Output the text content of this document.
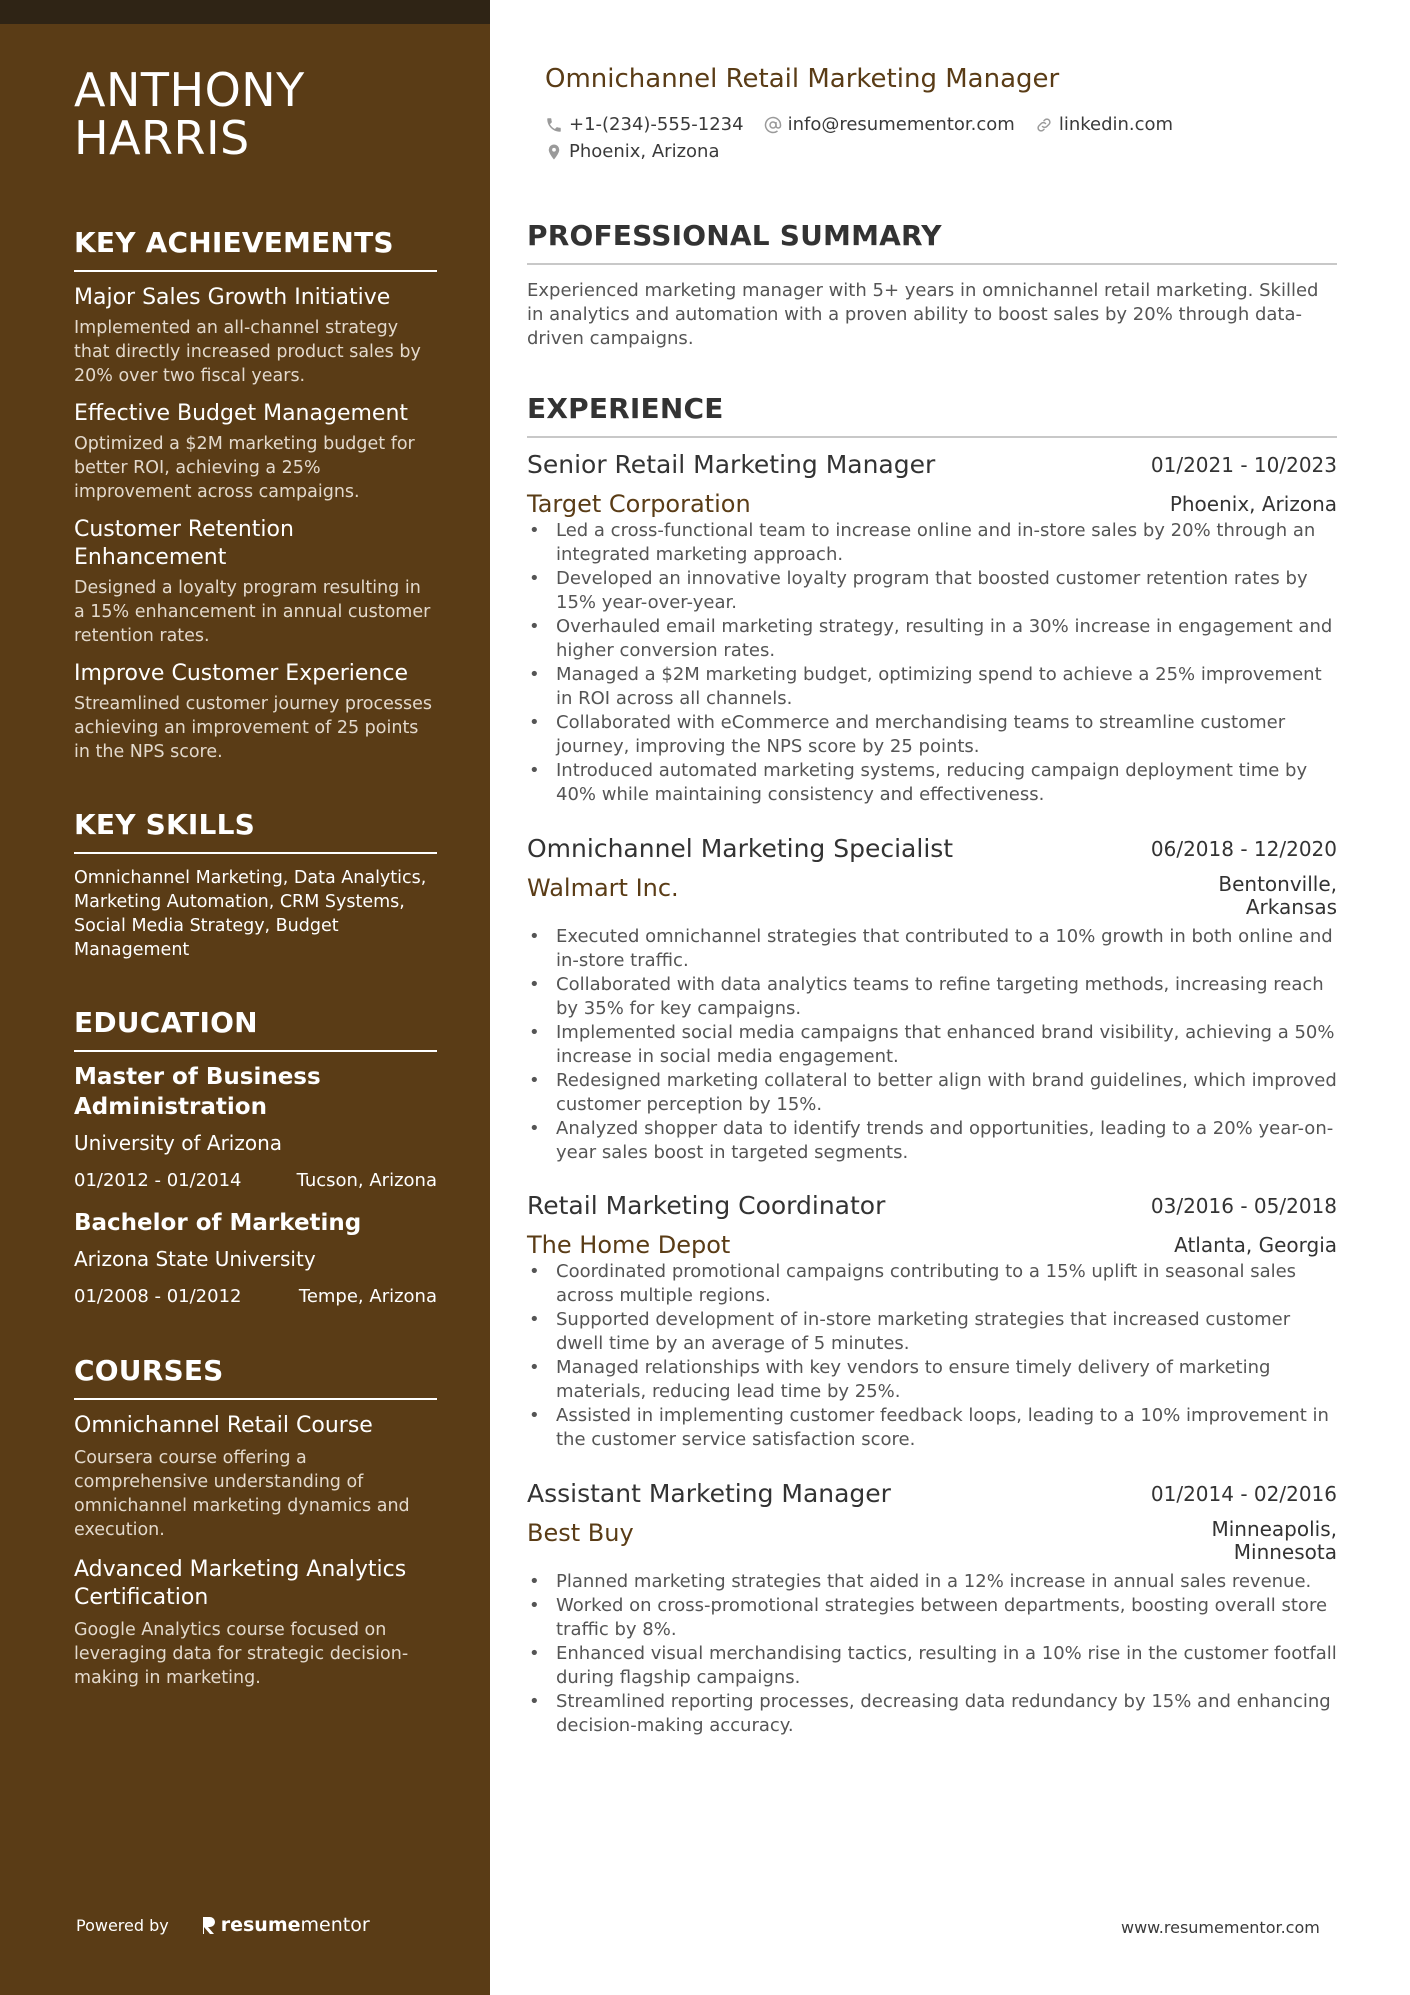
ANTHONY
HARRIS
KEY ACHIEVEMENTS
Major Sales Growth Initiative
Implemented an all-channel strategy that directly increased product sales by 20% over two fiscal years.
Effective Budget Management
Optimized a $2M marketing budget for better ROI, achieving a 25% improvement across campaigns.
Customer Retention Enhancement
Designed a loyalty program resulting in a 15% enhancement in annual customer retention rates.
Improve Customer Experience
Streamlined customer journey processes achieving an improvement of 25 points in the NPS score.
KEY SKILLS
Omnichannel Marketing, Data Analytics, Marketing Automation, CRM Systems, Social Media Strategy, Budget Management
EDUCATION
Master of Business Administration
University of Arizona
01/2012 - 01/2014	Tucson, Arizona
Bachelor of Marketing
Arizona State University
01/2008 - 01/2012	Tempe, Arizona
COURSES
Omnichannel Retail Course
Coursera course offering a comprehensive understanding of omnichannel marketing dynamics and execution.
Advanced Marketing Analytics Certification
Google Analytics course focused on leveraging data for strategic decision-making in marketing.
Powered by	resume mentor
Omnichannel Retail Marketing Manager
+1-(234)-555-1234 info@resumementor.com linkedin.com
Phoenix, Arizona
PROFESSIONAL SUMMARY
Experienced marketing manager with 5+ years in omnichannel retail marketing. Skilled in analytics and automation with a proven ability to boost sales by 20% through data-driven campaigns.
EXPERIENCE
Senior Retail Marketing Manager	01/2021 - 10/2023
Target Corporation	Phoenix, Arizona
• Led a cross-functional team to increase online and in-store sales by 20% through an integrated marketing approach.
• Developed an innovative loyalty program that boosted customer retention rates by 15% year-over-year.
• Overhauled email marketing strategy, resulting in a 30% increase in engagement and higher conversion rates.
• Managed a $2M marketing budget, optimizing spend to achieve a 25% improvement in ROI across all channels.
• Collaborated with eCommerce and merchandising teams to streamline customer journey, improving the NPS score by 25 points.
• Introduced automated marketing systems, reducing campaign deployment time by 40% while maintaining consistency and effectiveness.
Omnichannel Marketing Specialist	06/2018 - 12/2020
Walmart Inc.	Bentonville,
Arkansas
• Executed omnichannel strategies that contributed to a 10% growth in both online and in-store traffic.
• Collaborated with data analytics teams to refine targeting methods, increasing reach by 35% for key campaigns.
• Implemented social media campaigns that enhanced brand visibility, achieving a 50% increase in social media engagement.
• Redesigned marketing collateral to better align with brand guidelines, which improved customer perception by 15%.
• Analyzed shopper data to identify trends and opportunities, leading to a 20% year-on-year sales boost in targeted segments.
Retail Marketing Coordinator	03/2016 - 05/2018
The Home Depot	Atlanta, Georgia
• Coordinated promotional campaigns contributing to a 15% uplift in seasonal sales across multiple regions.
• Supported development of in-store marketing strategies that increased customer dwell time by an average of 5 minutes.
• Managed relationships with key vendors to ensure timely delivery of marketing materials, reducing lead time by 25%.
• Assisted in implementing customer feedback loops, leading to a 10% improvement in the customer service satisfaction score.
Assistant Marketing Manager	01/2014 - 02/2016
Best Buy	Minneapolis,
Minnesota
• Planned marketing strategies that aided in a 12% increase in annual sales revenue.
• Worked on cross-promotional strategies between departments, boosting overall store traffic by 8%.
• Enhanced visual merchandising tactics, resulting in a 10% rise in the customer footfall during flagship campaigns.
• Streamlined reporting processes, decreasing data redundancy by 15% and enhancing decision-making accuracy.
www.resumementor.com
